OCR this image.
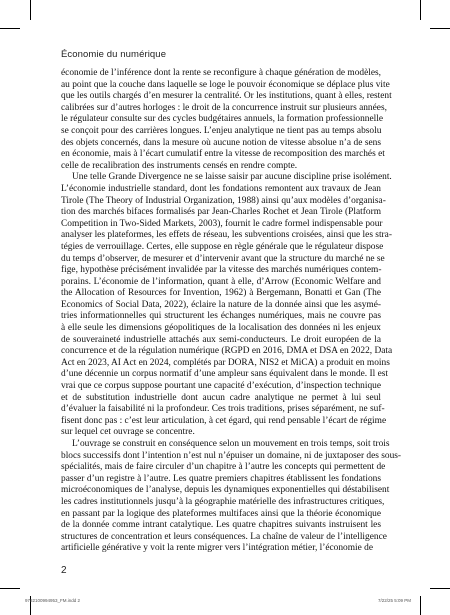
Économie du numérique
économie de l’inférence dont la rente se reconfigure à chaque génération de modèles,
au point que la couche dans laquelle se loge le pouvoir économique se déplace plus vite
que les outils chargés d’en mesurer la centralité. Or les institutions, quant à elles, restent
calibrées sur d’autres horloges : le droit de la concurrence instruit sur plusieurs années,
le régulateur consulte sur des cycles budgétaires annuels, la formation professionnelle
se conçoit pour des carrières longues. L’enjeu analytique ne tient pas au temps absolu
des objets concernés, dans la mesure où aucune notion de vitesse absolue n’a de sens
en économie, mais à l’écart cumulatif entre la vitesse de recomposition des marchés et
celle de recalibration des instruments censés en rendre compte.
Une telle Grande Divergence ne se laisse saisir par aucune discipline prise isolément.
L’économie industrielle standard, dont les fondations remontent aux travaux de Jean
Tirole (The Theory of Industrial Organization, 1988) ainsi qu’aux modèles d’organisa-
tion des marchés bifaces formalisés par Jean-Charles Rochet et Jean Tirole (Platform
Competition in Two-Sided Markets, 2003), fournit le cadre formel indispensable pour
analyser les plateformes, les effets de réseau, les subventions croisées, ainsi que les stra-
tégies de verrouillage. Certes, elle suppose en règle générale que le régulateur dispose
du temps d’observer, de mesurer et d’intervenir avant que la structure du marché ne se
fige, hypothèse précisément invalidée par la vitesse des marchés numériques contem-
porains. L’économie de l’information, quant à elle, d’Arrow (Economic Welfare and
the Allocation of Resources for Invention, 1962) à Bergemann, Bonatti et Gan (The
Economics of Social Data, 2022), éclaire la nature de la donnée ainsi que les asymé-
tries informationnelles qui structurent les échanges numériques, mais ne couvre pas
à elle seule les dimensions géopolitiques de la localisation des données ni les enjeux
de souveraineté industrielle attachés aux semi-conducteurs. Le droit européen de la
concurrence et de la régulation numérique (RGPD en 2016, DMA et DSA en 2022, Data
Act en 2023, AI Act en 2024, complétés par DORA, NIS2 et MiCA) a produit en moins
d’une décennie un corpus normatif d’une ampleur sans équivalent dans le monde. Il est
vrai que ce corpus suppose pourtant une capacité d’exécution, d’inspection technique
et de substitution industrielle dont aucun cadre analytique ne permet à lui seul
d’évaluer la faisabilité ni la profondeur. Ces trois traditions, prises séparément, ne suf-
fisent donc pas : c’est leur articulation, à cet égard, qui rend pensable l’écart de régime
sur lequel cet ouvrage se concentre.
L’ouvrage se construit en conséquence selon un mouvement en trois temps, soit trois
blocs successifs dont l’intention n’est nul n’épuiser un domaine, ni de juxtaposer des sous-
spécialités, mais de faire circuler d’un chapitre à l’autre les concepts qui permettent de
passer d’un registre à l’autre. Les quatre premiers chapitres établissent les fondations
microéconomiques de l’analyse, depuis les dynamiques exponentielles qui déstabilisent
les cadres institutionnels jusqu’à la géographie matérielle des infrastructures critiques,
en passant par la logique des plateformes multifaces ainsi que la théorie économique
de la donnée comme intrant catalytique. Les quatre chapitres suivants instruisent les
structures de concentration et leurs conséquences. La chaîne de valeur de l’intelligence
artificielle générative y voit la rente migrer vers l’intégration métier, l’économie de
2
9782100994953_FM.indd 2	7/22/25 5:09 PM
